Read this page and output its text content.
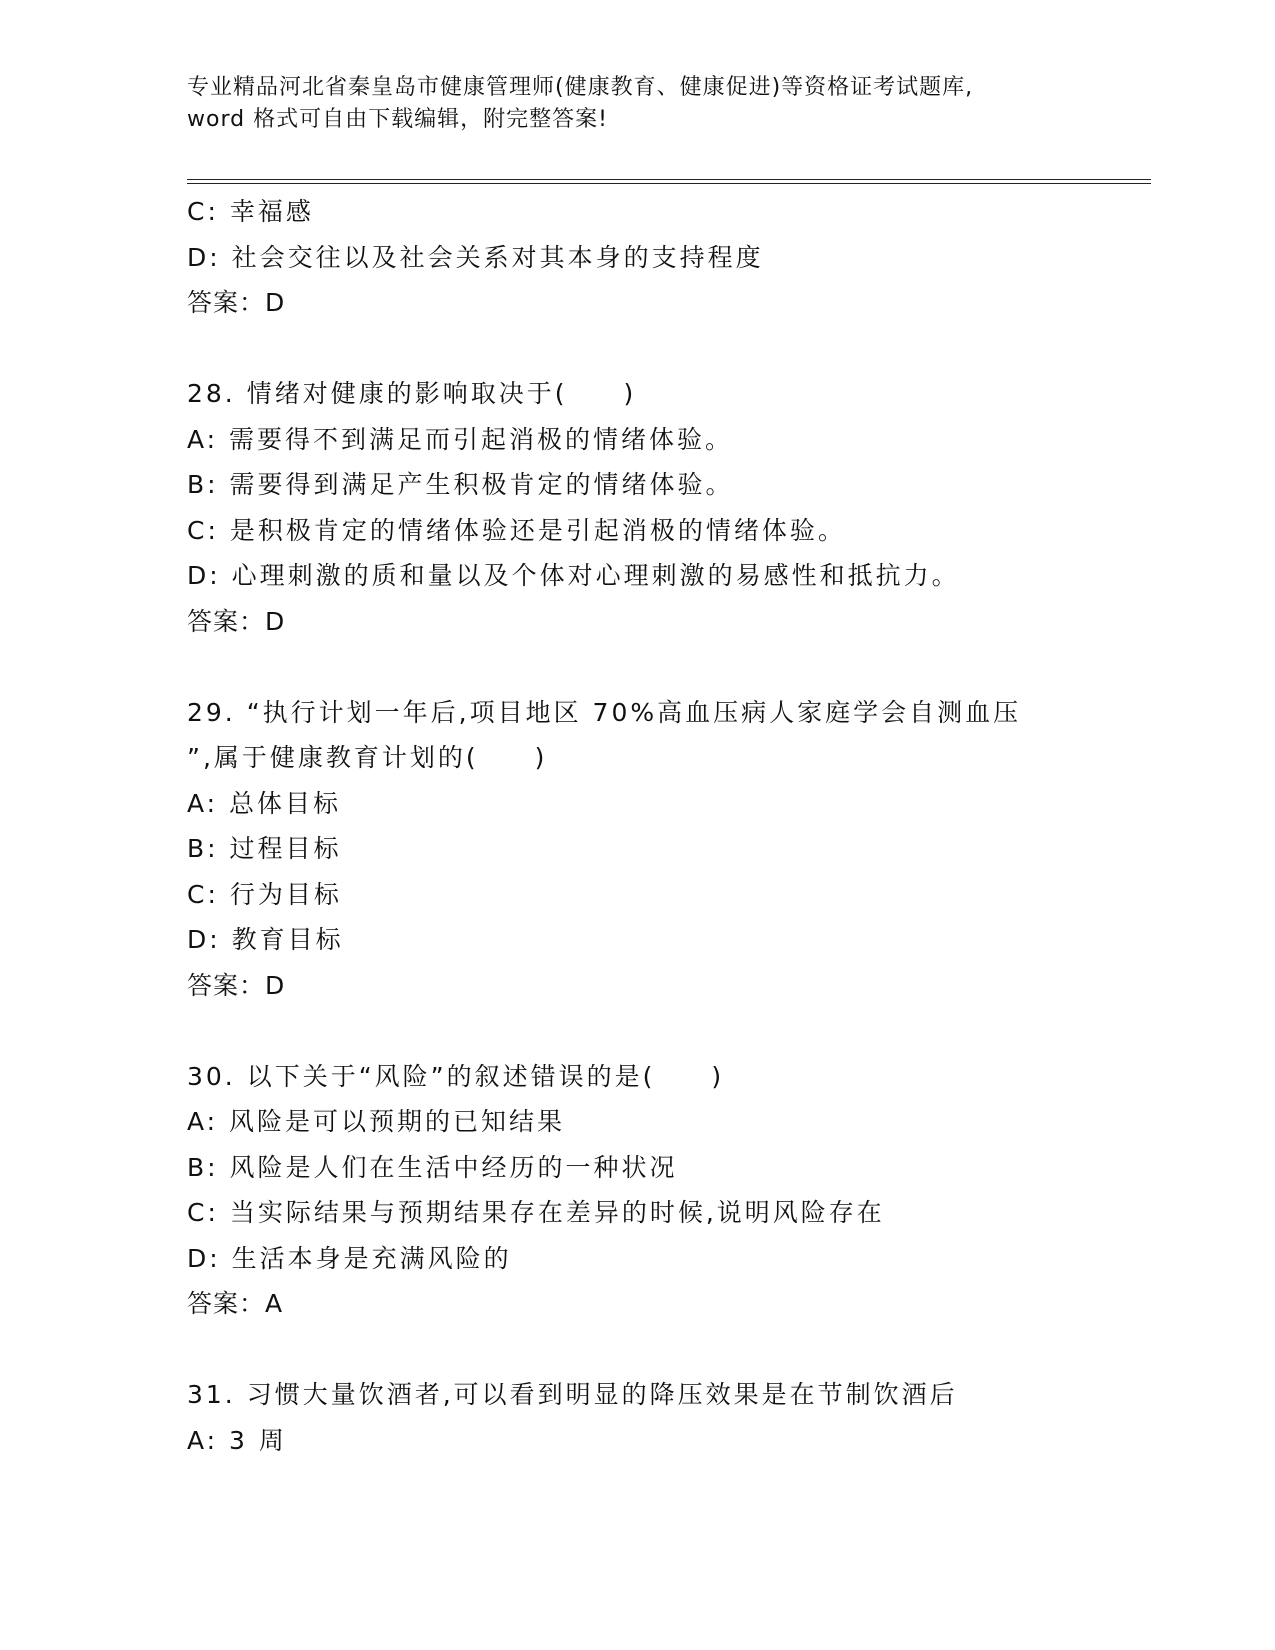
专业精品河北省秦皇岛市健康管理师(健康教育、健康促进)等资格证考试题库,
word 格式可自由下载编辑，附完整答案!
C: 幸福感
D: 社会交往以及社会关系对其本身的支持程度
答案：D
28. 情绪对健康的影响取决于(　　)
A: 需要得不到满足而引起消极的情绪体验。
B: 需要得到满足产生积极肯定的情绪体验。
C: 是积极肯定的情绪体验还是引起消极的情绪体验。
D: 心理刺激的质和量以及个体对心理刺激的易感性和抵抗力。
答案：D
29. “执行计划一年后,项目地区 70%高血压病人家庭学会自测血压
”,属于健康教育计划的(　　)
A: 总体目标
B: 过程目标
C: 行为目标
D: 教育目标
答案：D
30. 以下关于“风险”的叙述错误的是(　　)
A: 风险是可以预期的已知结果
B: 风险是人们在生活中经历的一种状况
C: 当实际结果与预期结果存在差异的时候,说明风险存在
D: 生活本身是充满风险的
答案：A
31. 习惯大量饮酒者,可以看到明显的降压效果是在节制饮酒后
A: 3 周
